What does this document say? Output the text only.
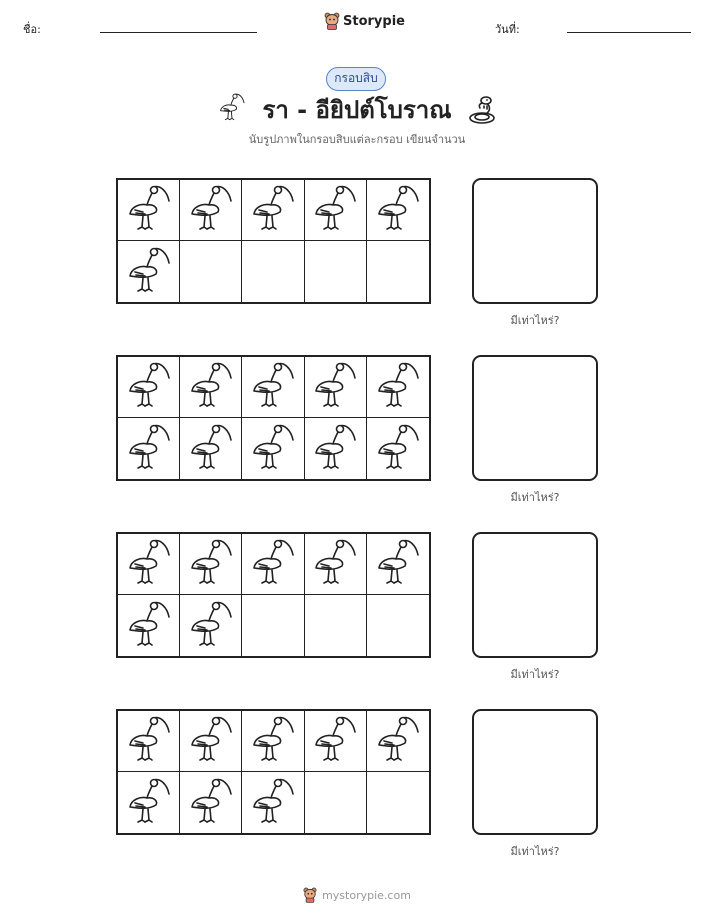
ชื่อ:
Storypie
วันที่:
กรอบสิบ
รา - อียิปต์โบราณ
นับรูปภาพในกรอบสิบแต่ละกรอบ เขียนจำนวน
มีเท่าไหร่?
มีเท่าไหร่?
มีเท่าไหร่?
มีเท่าไหร่?
mystorypie.com
